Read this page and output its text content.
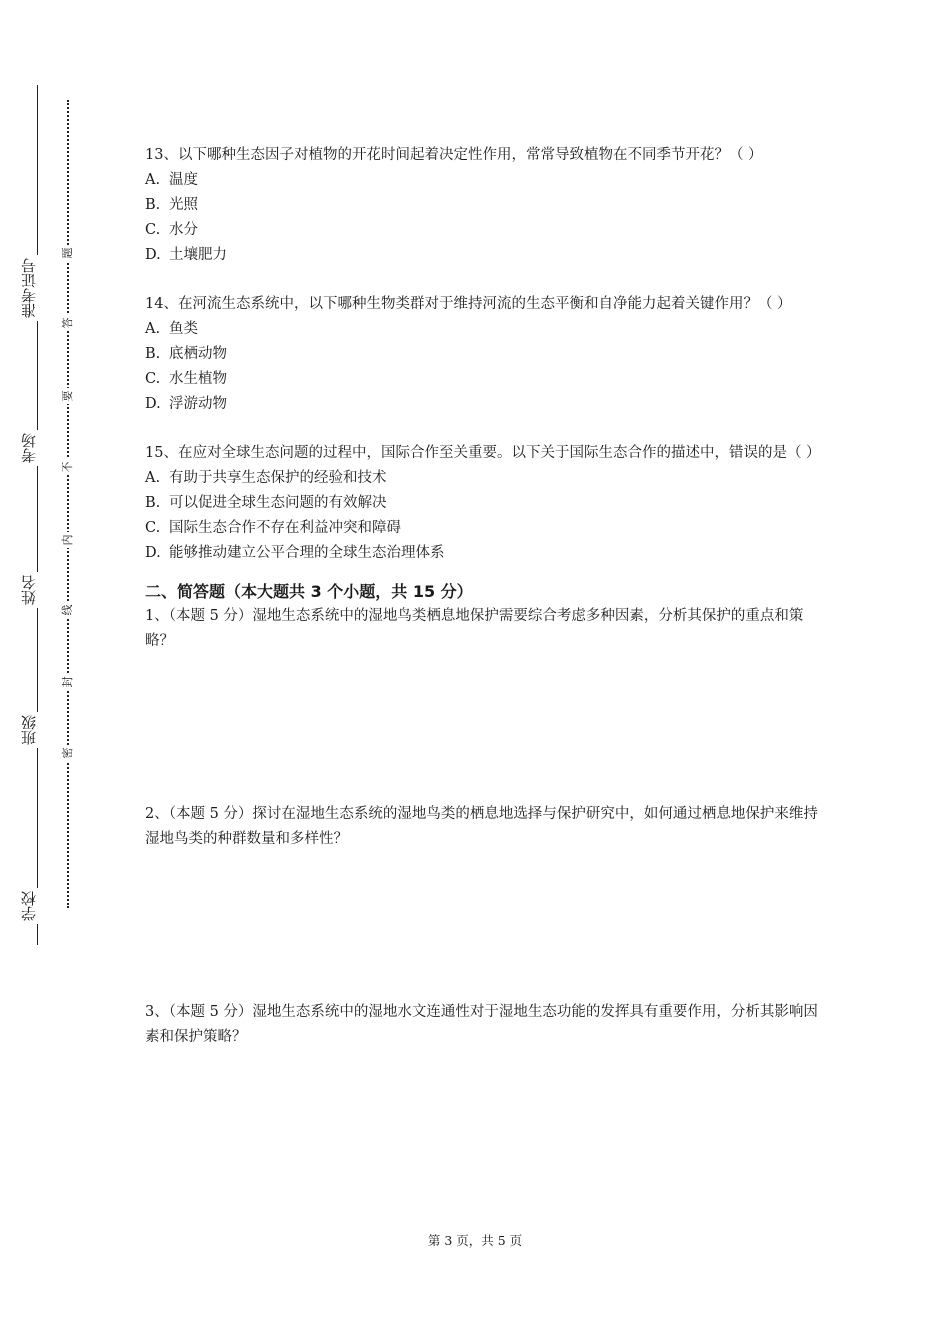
准考证号
考场
姓名
班级
学校
题
答
要
不
内
线
封
密
13、以下哪种生态因子对植物的开花时间起着决定性作用，常常导致植物在不同季节开花？（ ）
A. 温度
B. 光照
C. 水分
D. 土壤肥力
14、在河流生态系统中，以下哪种生物类群对于维持河流的生态平衡和自净能力起着关键作用？（ ）
A. 鱼类
B. 底栖动物
C. 水生植物
D. 浮游动物
15、在应对全球生态问题的过程中，国际合作至关重要。以下关于国际生态合作的描述中，错误的是（ ）
A. 有助于共享生态保护的经验和技术
B. 可以促进全球生态问题的有效解决
C. 国际生态合作不存在利益冲突和障碍
D. 能够推动建立公平合理的全球生态治理体系
二、简答题（本大题共 3 个小题，共 15 分）
1、（本题 5 分）湿地生态系统中的湿地鸟类栖息地保护需要综合考虑多种因素，分析其保护的重点和策略？
2、（本题 5 分）探讨在湿地生态系统的湿地鸟类的栖息地选择与保护研究中，如何通过栖息地保护来维持湿地鸟类的种群数量和多样性？
3、（本题 5 分）湿地生态系统中的湿地水文连通性对于湿地生态功能的发挥具有重要作用，分析其影响因素和保护策略？
第 3 页，共 5 页
